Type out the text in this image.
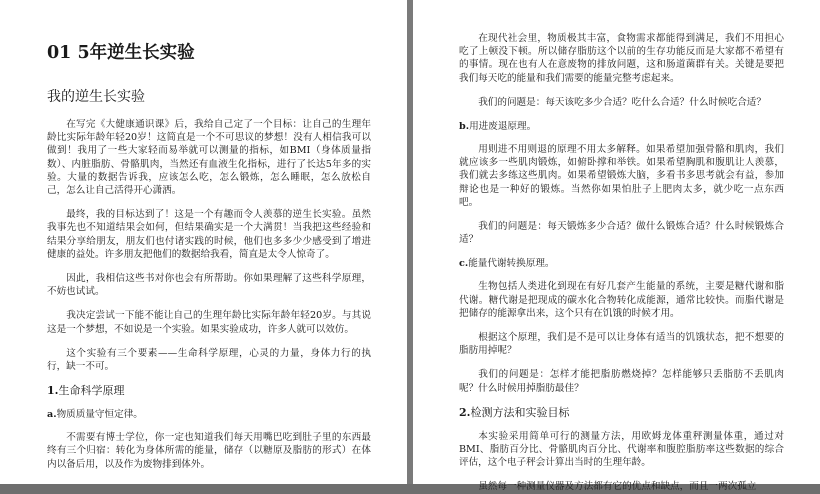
01 5年逆生长实验
我的逆生长实验

在写完《大健康通识课》后，我给自己定了一个目标：让自己的生理年龄比实际年龄年轻20岁！这简直是一个不可思议的梦想！没有人相信我可以做到！我用了一些大家轻而易举就可以测量的指标，如BMI（身体质量指数）、内脏脂肪、骨骼肌肉，当然还有血液生化指标，进行了长达5年多的实验。大量的数据告诉我，应该怎么吃，怎么锻炼，怎么睡眠，怎么放松自己，怎么让自己活得开心潇洒。

最终，我的目标达到了！这是一个有趣而令人羡慕的逆生长实验。虽然我事先也不知道结果会如何，但结果确实是一个大满贯！当我把这些经验和结果分享给朋友，朋友们也付诸实践的时候，他们也多多少少感受到了增进健康的益处。许多朋友把他们的数据给我看，简直是太令人惊奇了。

因此，我相信这些书对你也会有所帮助。你如果理解了这些科学原理，不妨也试试。

我决定尝试一下能不能让自己的生理年龄比实际年龄年轻20岁。与其说这是一个梦想，不如说是一个实验。如果实验成功，许多人就可以效仿。

这个实验有三个要素——生命科学原理，心灵的力量，身体力行的执行，缺一不可。

1.生命科学原理
a.物质质量守恒定律。

不需要有博士学位，你一定也知道我们每天用嘴巴吃到肚子里的东西最终有三个归宿：转化为身体所需的能量，储存（以糖原及脂肪的形式）在体内以备后用，以及作为废物排到体外。

在现代社会里，物质极其丰富，食物需求都能得到满足，我们不用担心吃了上顿没下顿。所以储存脂肪这个以前的生存功能反而是大家都不希望有的事情。现在也有人在意废物的排放问题，这和肠道菌群有关。关键是要把我们每天吃的能量和我们需要的能量完整考虑起来。

我们的问题是：每天该吃多少合适？吃什么合适？什么时候吃合适？

b.用进废退原理。

用则进不用则退的原理不用太多解释。如果希望加强骨骼和肌肉，我们就应该多一些肌肉锻炼，如俯卧撑和举铁。如果希望胸肌和腹肌让人羡慕，我们就去多练这些肌肉。如果希望锻炼大脑，多看书多思考就会有益，参加辩论也是一种好的锻炼。当然你如果怕肚子上肥肉太多，就少吃一点东西吧。

我们的问题是：每天锻炼多少合适？做什么锻炼合适？什么时候锻炼合适？

c.能量代谢转换原理。

生物包括人类进化到现在有好几套产生能量的系统，主要是糖代谢和脂代谢。糖代谢是把现成的碳水化合物转化成能源，通常比较快。而脂代谢是把储存的能源拿出来，这个只有在饥饿的时候才用。

根据这个原理，我们是不是可以让身体有适当的饥饿状态，把不想要的脂肪用掉呢？

我们的问题是：怎样才能把脂肪燃烧掉？怎样能够只丢脂肪不丢肌肉呢？什么时候用掉脂肪最佳？

2.检测方法和实验目标

本实验采用简单可行的测量方法，用欧姆龙体重秤测量体重，通过对BMI、脂肪百分比、骨骼肌肉百分比、代谢率和腹腔脂肪率这些数据的综合评估，这个电子秤会计算出当时的生理年龄。

虽然每一种测量仪器及方法都有它的优点和缺点，而且一两次孤立
